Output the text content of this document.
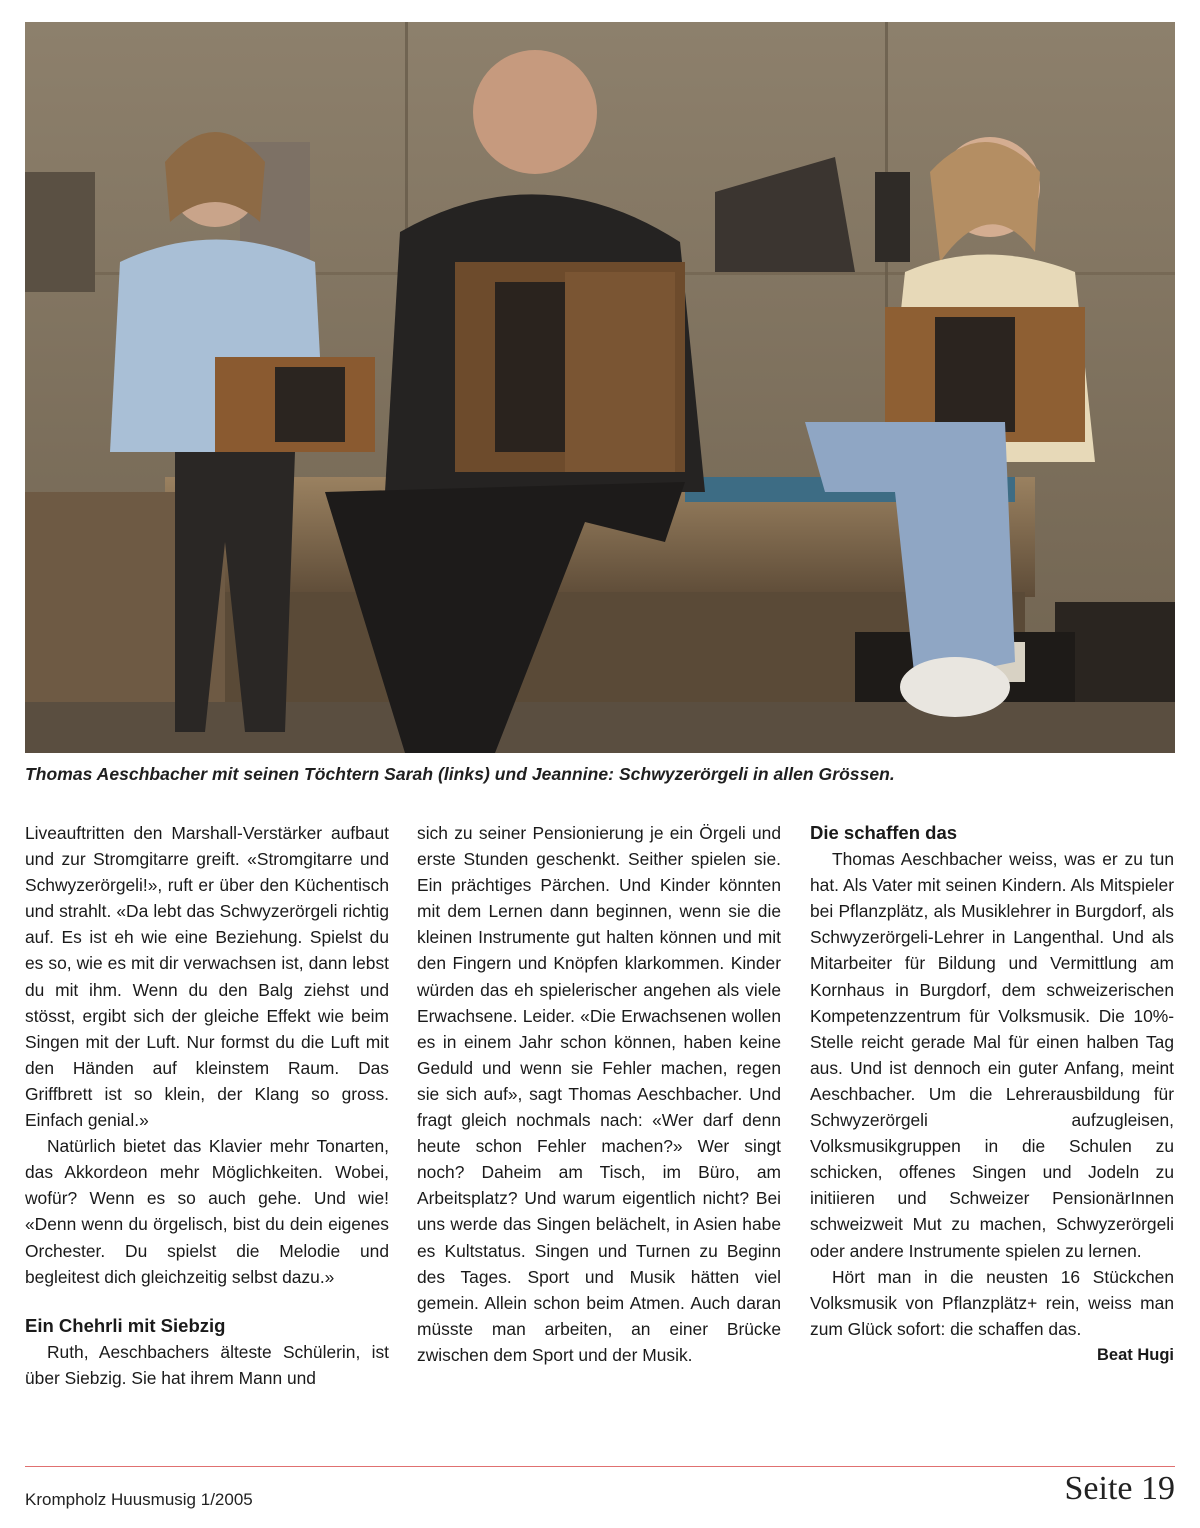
Thomas Aeschbacher mit seinen Töchtern Sarah (links) und Jeannine: Schwyzerörgeli in allen Grössen.

Liveauftritten den Marshall-Verstärker aufbaut und zur Stromgitarre greift. «Stromgitarre und Schwyzerörgeli!», ruft er über den Küchentisch und strahlt. «Da lebt das Schwyzerörgeli richtig auf. Es ist eh wie eine Beziehung. Spielst du es so, wie es mit dir verwachsen ist, dann lebst du mit ihm. Wenn du den Balg ziehst und stösst, ergibt sich der gleiche Effekt wie beim Singen mit der Luft. Nur formst du die Luft mit den Händen auf kleinstem Raum. Das Griffbrett ist so klein, der Klang so gross. Einfach genial.»

Natürlich bietet das Klavier mehr Tonarten, das Akkordeon mehr Möglichkeiten. Wobei, wofür? Wenn es so auch gehe. Und wie! «Denn wenn du örgelisch, bist du dein eigenes Orchester. Du spielst die Melodie und begleitest dich gleichzeitig selbst dazu.»

Ein Chehrli mit Siebzig

Ruth, Aeschbachers älteste Schülerin, ist über Siebzig. Sie hat ihrem Mann und

sich zu seiner Pensionierung je ein Örgeli und erste Stunden geschenkt. Seither spielen sie. Ein prächtiges Pärchen. Und Kinder könnten mit dem Lernen dann beginnen, wenn sie die kleinen Instrumente gut halten können und mit den Fingern und Knöpfen klarkommen. Kinder würden das eh spielerischer angehen als viele Erwachsene. Leider. «Die Erwachsenen wollen es in einem Jahr schon können, haben keine Geduld und wenn sie Fehler machen, regen sie sich auf», sagt Thomas Aeschbacher. Und fragt gleich nochmals nach: «Wer darf denn heute schon Fehler machen?» Wer singt noch? Daheim am Tisch, im Büro, am Arbeitsplatz? Und warum eigentlich nicht? Bei uns werde das Singen belächelt, in Asien habe es Kultstatus. Singen und Turnen zu Beginn des Tages. Sport und Musik hätten viel gemein. Allein schon beim Atmen. Auch daran müsste man arbeiten, an einer Brücke zwischen dem Sport und der Musik.

Die schaffen das

Thomas Aeschbacher weiss, was er zu tun hat. Als Vater mit seinen Kindern. Als Mitspieler bei Pflanzplätz, als Musiklehrer in Burgdorf, als Schwyzerörgeli-Lehrer in Langenthal. Und als Mitarbeiter für Bildung und Vermittlung am Kornhaus in Burgdorf, dem schweizerischen Kompetenzzentrum für Volksmusik. Die 10%-Stelle reicht gerade Mal für einen halben Tag aus. Und ist dennoch ein guter Anfang, meint Aeschbacher. Um die Lehrerausbildung für Schwyzerörgeli aufzugleisen, Volksmusikgruppen in die Schulen zu schicken, offenes Singen und Jodeln zu initiieren und Schweizer PensionärInnen schweizweit Mut zu machen, Schwyzerörgeli oder andere Instrumente spielen zu lernen.

Hört man in die neusten 16 Stückchen Volksmusik von Pflanzplätz+ rein, weiss man zum Glück sofort: die schaffen das.

Beat Hugi

Krompholz Huusmusig 1/2005	Seite 19
